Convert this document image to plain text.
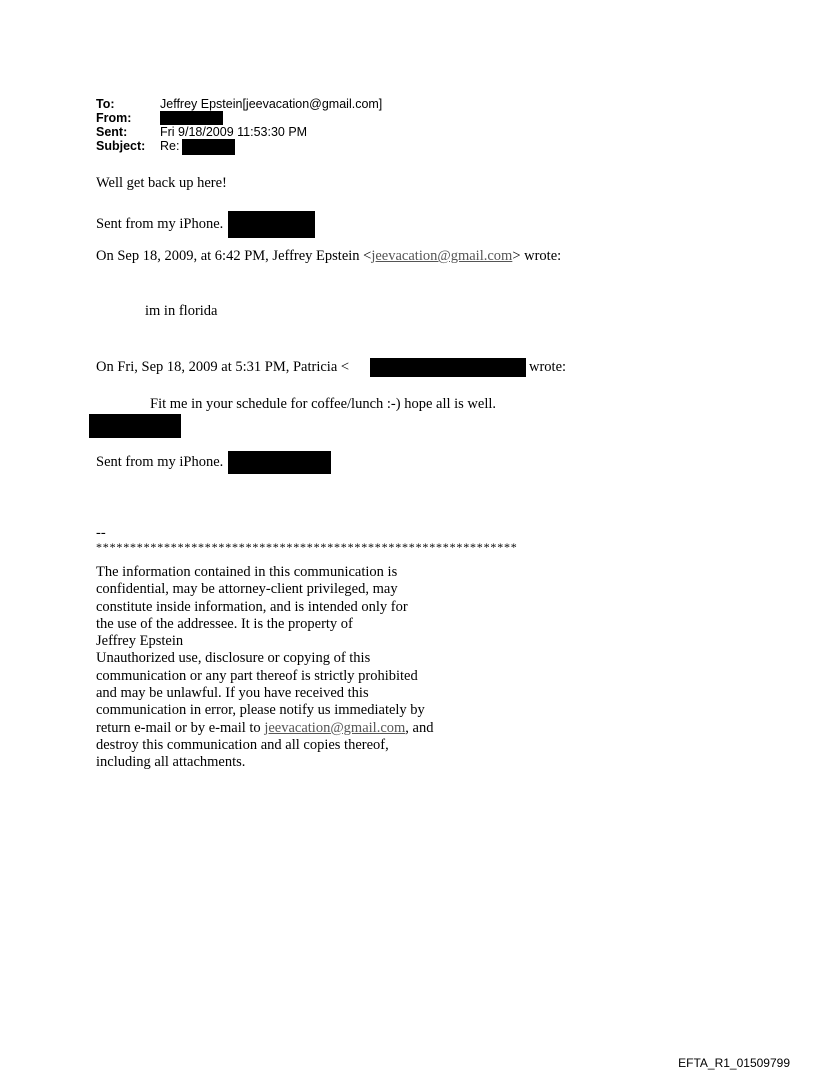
To:	Jeffrey Epstein[jeevacation@gmail.com]
From:
Sent:	Fri 9/18/2009 11:53:30 PM
Subject:	Re:
Well get back up here!
Sent from my iPhone.
On Sep 18, 2009, at 6:42 PM, Jeffrey Epstein <jeevacation@gmail.com> wrote:
im in florida
On Fri, Sep 18, 2009 at 5:31 PM, Patricia <	wrote:
Fit me in your schedule for coffee/lunch :-) hope all is well.
Sent from my iPhone.
--
**************************************************************
The information contained in this communication is
confidential, may be attorney-client privileged, may
constitute inside information, and is intended only for
the use of the addressee. It is the property of
Jeffrey Epstein
Unauthorized use, disclosure or copying of this
communication or any part thereof is strictly prohibited
and may be unlawful. If you have received this
communication in error, please notify us immediately by
return e-mail or by e-mail to jeevacation@gmail.com, and
destroy this communication and all copies thereof,
including all attachments.
EFTA_R1_01509799
